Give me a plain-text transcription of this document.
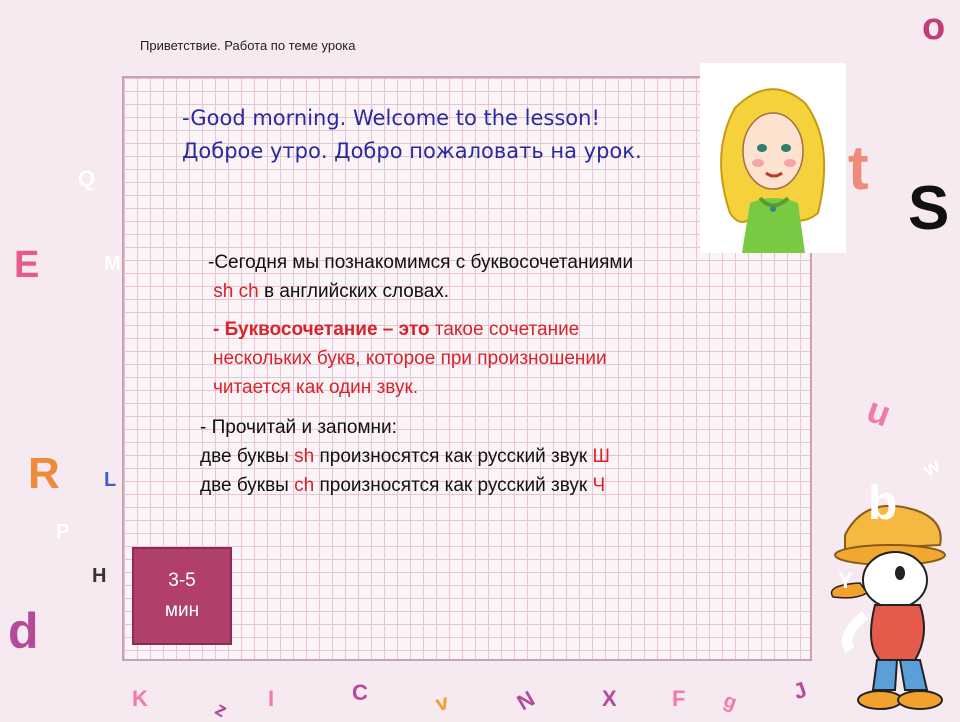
Приветствие. Работа по теме урока
-Good morning. Welcome to the lesson!
Доброе утро. Добро пожаловать на урок.
-Сегодня мы познакомимся с буквосочетаниями
sh ch в английских словах.
- Буквосочетание – это такое сочетание
нескольких букв, которое при произношении
читается как один звук.
- Прочитай и запомни:
две буквы sh произносятся как русский звук Ш
две буквы ch произносятся как русский звук Ч
3-5
мин
o
t
S
Q
E	M
u
w
R L	b
P
H	Y
d
K	z I	C	v	N	X	F g J
